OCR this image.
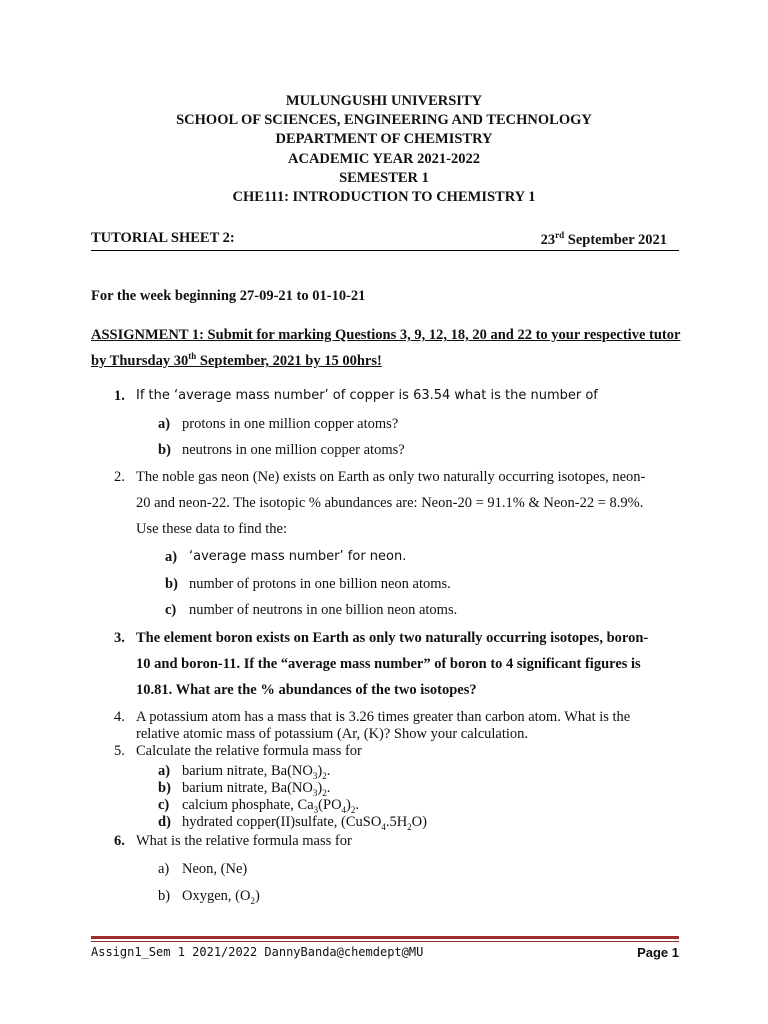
MULUNGUSHI UNIVERSITY
SCHOOL OF SCIENCES, ENGINEERING AND TECHNOLOGY
DEPARTMENT OF CHEMISTRY
ACADEMIC YEAR 2021-2022
SEMESTER 1
CHE111: INTRODUCTION TO CHEMISTRY 1
TUTORIAL SHEET 2:	23rd September 2021
For the week beginning 27-09-21 to 01-10-21
ASSIGNMENT 1: Submit for marking Questions 3, 9, 12, 18, 20 and 22 to your respective tutor by Thursday 30th September, 2021 by 15 00hrs!
1. If the ‘average mass number’ of copper is 63.54 what is the number of
a) protons in one million copper atoms?
b) neutrons in one million copper atoms?
2. The noble gas neon (Ne) exists on Earth as only two naturally occurring isotopes, neon-
20 and neon-22. The isotopic % abundances are: Neon-20 = 91.1% & Neon-22 = 8.9%.
Use these data to find the:
a) ‘average mass number’ for neon.
b) number of protons in one billion neon atoms.
c) number of neutrons in one billion neon atoms.
3. The element boron exists on Earth as only two naturally occurring isotopes, boron-
10 and boron-11. If the “average mass number” of boron to 4 significant figures is
10.81. What are the % abundances of the two isotopes?
4. A potassium atom has a mass that is 3.26 times greater than carbon atom. What is the
relative atomic mass of potassium (Ar, (K)? Show your calculation.
5. Calculate the relative formula mass for
a) barium nitrate, $Ba(NO_3)_2$.
b) barium nitrate, $Ba(NO_3)_2$.
c) calcium phosphate, $Ca_3(PO_4)_2$.
d) hydrated copper(II)sulfate, $(CuSO_4.5H_2O)$
6. What is the relative formula mass for
a) Neon, (Ne)
b) Oxygen, $(O_2)$
Assign1_Sem 1 2021/2022 DannyBanda@chemdept@MU	Page 1
